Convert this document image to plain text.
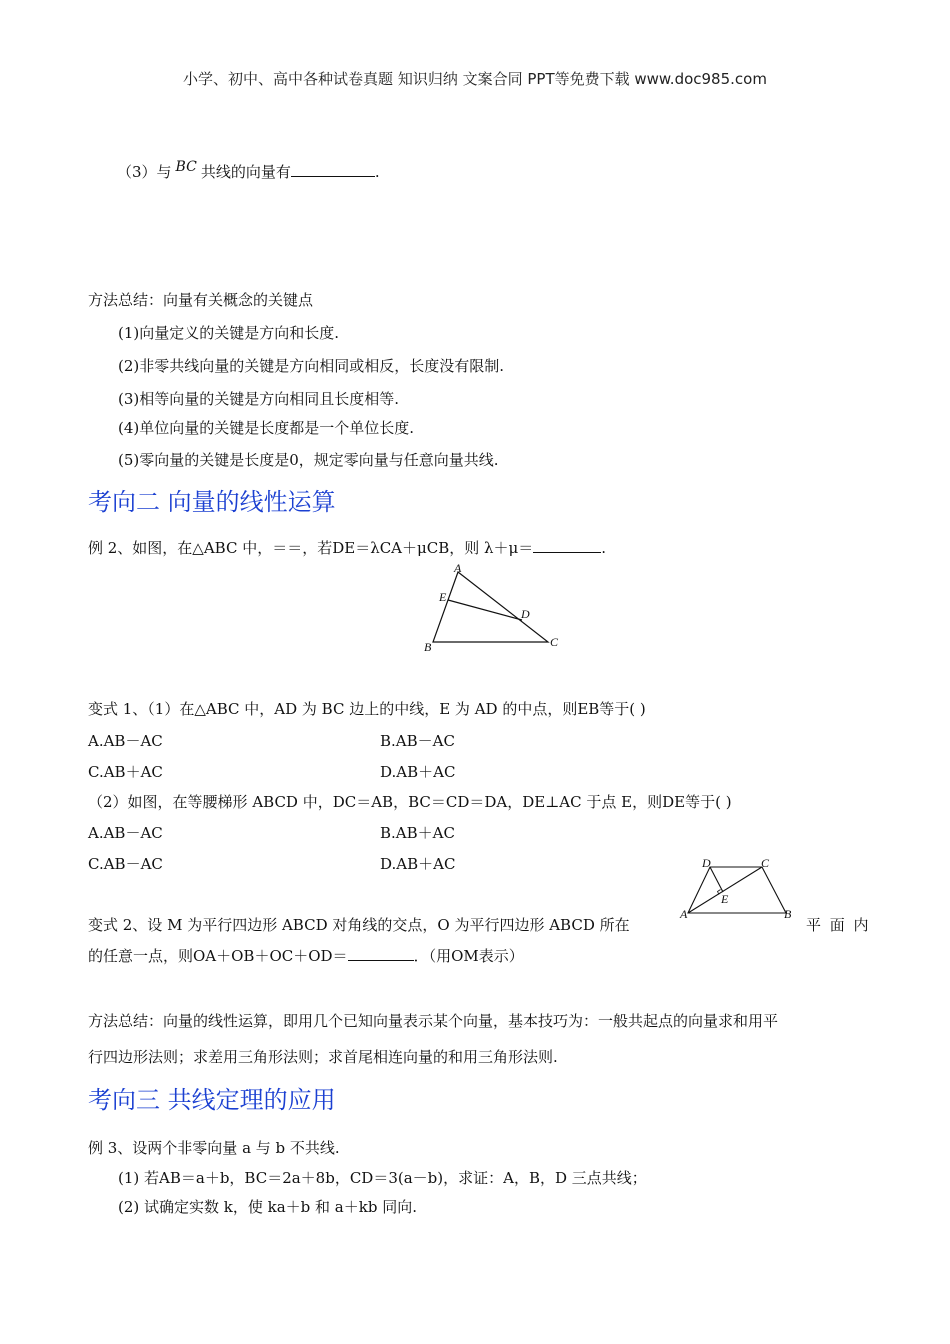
小学、初中、高中各种试卷真题 知识归纳 文案合同 PPT等免费下载 www.doc985.com
（3）与 BC 共线的向量有	.
方法总结：向量有关概念的关键点
(1)向量定义的关键是方向和长度.
(2)非零共线向量的关键是方向相同或相反，长度没有限制.
(3)相等向量的关键是方向相同且长度相等.
(4)单位向量的关键是长度都是一个单位长度.
(5)零向量的关键是长度是0，规定零向量与任意向量共线.
考向二 向量的线性运算
例 2、如图，在△ABC 中，＝＝，若DE＝λCA＋μCB，则 λ＋μ＝	.
A
E
D
B	C
变式 1、（1）在△ABC 中，AD 为 BC 边上的中线，E 为 AD 的中点，则EB等于( )
A.AB－AC	B.AB－AC
C.AB＋AC	D.AB＋AC
（2）如图，在等腰梯形 ABCD 中，DC＝AB，BC＝CD＝DA，DE⊥AC 于点 E，则DE等于( )
A.AB－AC	B.AB＋AC
C.AB－AC	D.AB＋AC	D	C
A
E
B
变式 2、设 M 为平行四边形 ABCD 对角线的交点，O 为平行四边形 ABCD 所在	平 面 内
的任意一点，则OA＋OB＋OC＋OD＝	．（用OM表示）
方法总结：向量的线性运算，即用几个已知向量表示某个向量，基本技巧为：一般共起点的向量求和用平
行四边形法则；求差用三角形法则；求首尾相连向量的和用三角形法则.
考向三 共线定理的应用
例 3、设两个非零向量 a 与 b 不共线.
(1) 若AB＝a＋b，BC＝2a＋8b，CD＝3(a－b)，求证：A，B，D 三点共线；
(2) 试确定实数 k，使 ka＋b 和 a＋kb 同向.
